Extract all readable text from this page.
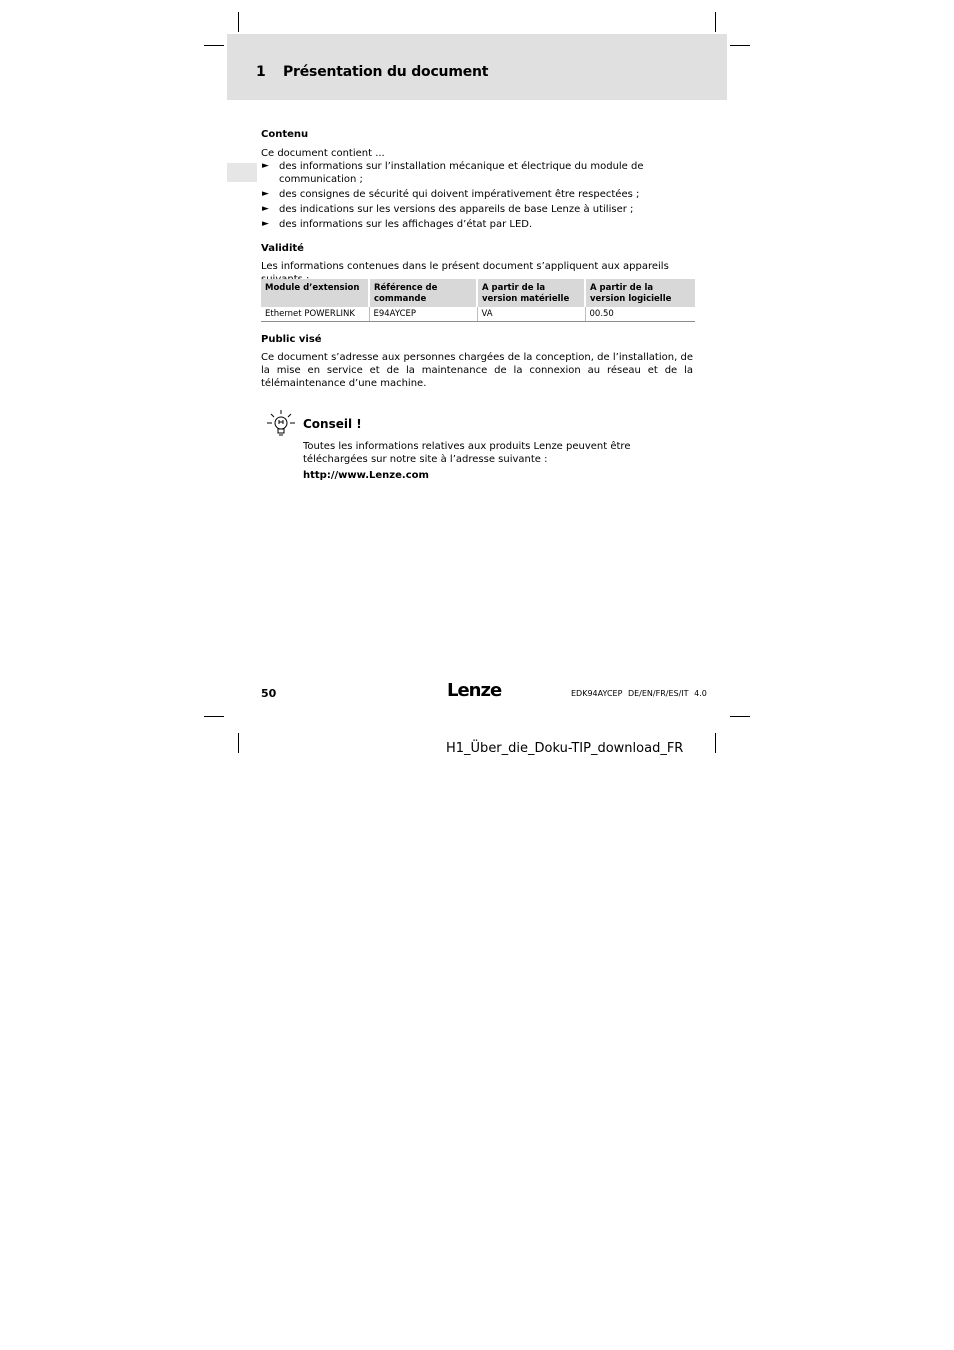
1 Présentation du document
Contenu
Ce document contient ...
► des informations sur l’installation mécanique et électrique du module de communication ;
► des consignes de sécurité qui doivent impérativement être respectées ;
► des indications sur les versions des appareils de base Lenze à utiliser ;
► des informations sur les affichages d’état par LED.
Validité
Les informations contenues dans le présent document s’appliquent aux appareils
Module d’extension	Référence de commande	A partir de la version matérielle	A partir de la version logicielle
Ethernet POWERLINK	E94AYCEP	VA	00.50
Public visé
Ce document s’adresse aux personnes chargées de la conception, de l’installation, de la mise en service et de la maintenance de la connexion au réseau et de la télémaintenance d’une machine.
Conseil !
Toutes les informations relatives aux produits Lenze peuvent être téléchargées sur notre site à l’adresse suivante :
http://www.Lenze.com
50	Lenze	EDK94AYCEP DE/EN/FR/ES/IT 4.0
H1_Über_die_Doku-TIP_download_FR
